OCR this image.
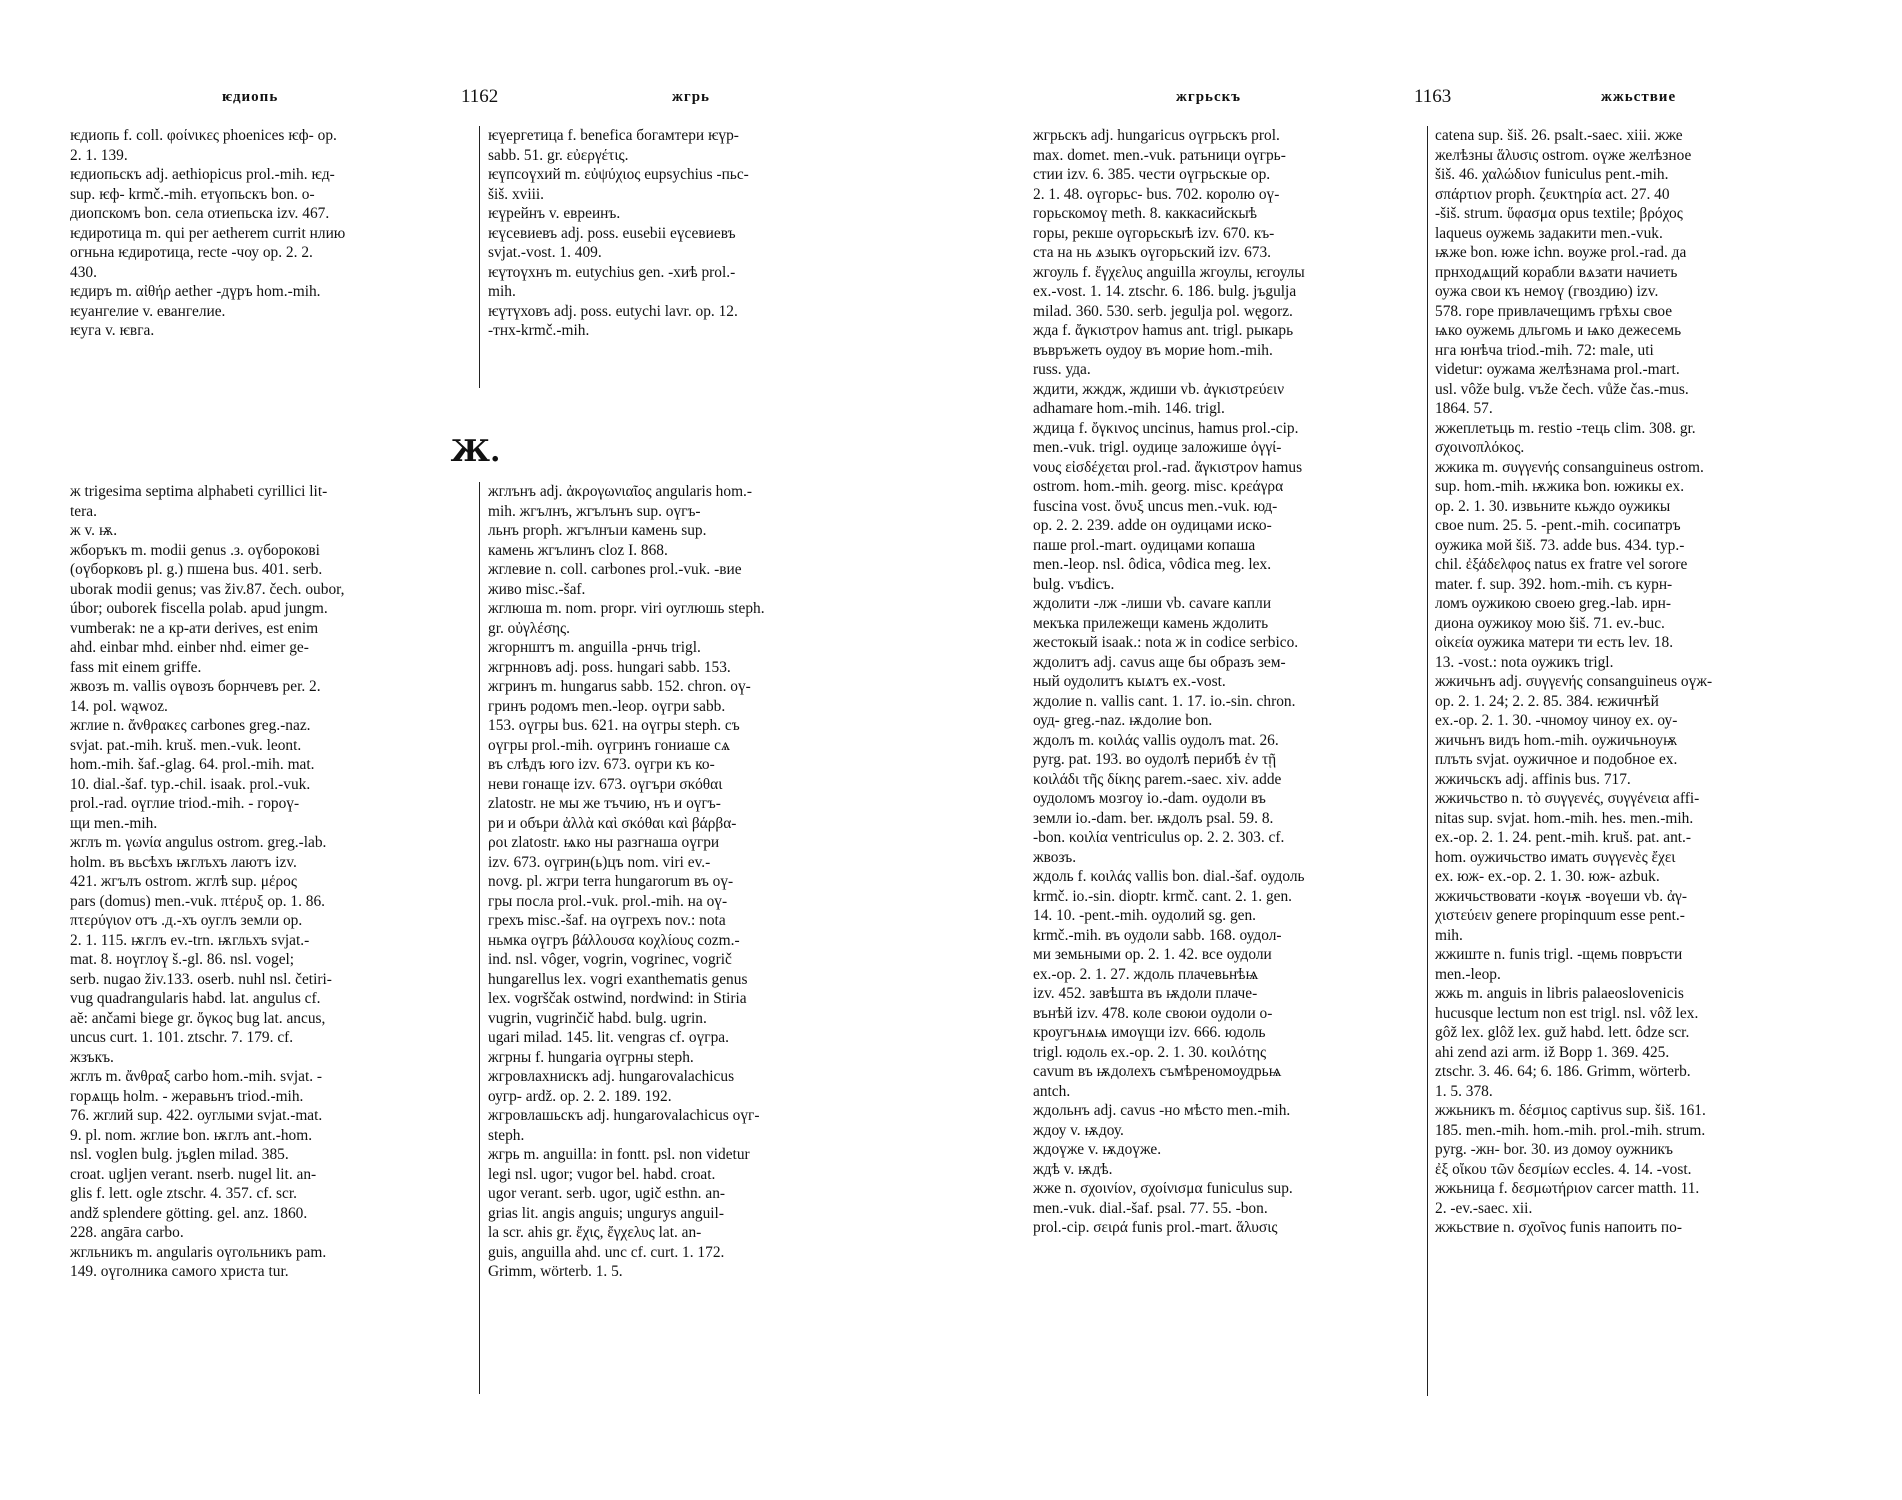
ѥдиопь	1162	жгрь

ѥдиопь f. coll. φοίνικες phoenices ѥф- op.

2. 1. 139.

ѥдиопьскъ adj. aethiopicus prol.-mih. ѥд-

sup. ѥф- krmč.-mih. етүопьскъ bon. о-

диопскомъ bon. села отиепьска izv. 467.

ѥдиротица m. qui per aetherem currit нлию

огньна ѥдиротица, recte -чоу op. 2. 2.

430.

ѥдиръ m. αἰθήρ aether -дүръ hom.-mih.

ѥуангелие v. евангелие.

ѥуга v. ѥвга.

ѥүергетица f. benefica богамтери ѥүр-

sabb. 51. gr. εὐεργέτις.

ѥүпсоүхий m. εὐψύχιος eupsychius -пьс-

šiš. xviii.

ѥүрейнъ v. евреинъ.

ѥүсевиевъ adj. poss. eusebii еүсевиевъ

svjat.-vost. 1. 409.

ѥүтоүхнъ m. eutychius gen. -хиѣ prol.-

mih.

ѥүтүховъ adj. poss. eutychi lavr. op. 12.

-тнх-krmč.-mih.

Ж.

ж trigesima septima alphabeti cyrillici lit-

tera.

ж v. ѭ.

жборъкъ m. modii genus .з. оүборокові

(оүборковъ pl. g.) пшена bus. 401. serb.

uborak modii genus; vas živ.87. čech. oubor,

úbor; ouborek fiscella polab. apud jungm.

vumberak: ne a кр-ати derives, est enim

ahd. einbar mhd. einber nhd. eimer ge-

fass mit einem griffe.

жвозъ m. vallis оүвозъ борнчевъ per. 2.

14. pol. wąwoz.

жглие n. ἄνθρακες carbones greg.-naz.

svjat. pat.-mih. kruš. men.-vuk. leont.

hom.-mih. šaf.-glag. 64. prol.-mih. mat.

10. dial.-šaf. typ.-chil. isaak. prol.-vuk.

prol.-rad. оүглие triod.-mih. - гороү-

щи men.-mih.

жглъ m. γωνία angulus ostrom. greg.-lab.

holm. въ вьсѣхъ ѭглъхъ лаютъ izv.

421. жгълъ ostrom. жглѣ sup. μέρος

pars (domus) men.-vuk. πτέρυξ op. 1. 86.

πτερύγιον отъ .д.-хъ оуглъ земли op.

2. 1. 115. ѭглъ ev.-trn. ѭгльхъ svjat.-

mat. 8. ноүглоү š.-gl. 86. nsl. vogel;

serb. nugao živ.133. oserb. nuhl nsl. četiri-

vug quadrangularis habd. lat. angulus cf.

aĕ: ančami biege gr. ὄγκος bug lat. ancus,

uncus curt. 1. 101. ztschr. 7. 179. cf.

жзъкъ.

жглъ m. ἄνθραξ carbo hom.-mih. svjat. -

горѧщь holm. - жеравьнъ triod.-mih.

76. жглий sup. 422. оуглыми svjat.-mat.

9. pl. nom. жглие bon. ѭглъ ant.-hom.

nsl. voglen bulg. jъglen milad. 385.

croat. ugljen verant. nserb. nugel lit. an-

glis f. lett. ogle ztschr. 4. 357. cf. scr.

andž splendere götting. gel. anz. 1860.

228. angāra carbo.

жгльникъ m. angularis оүгольникъ pam.

149. оүголника самого христа tur.

жглънъ adj. ἀκρογωνιαῖος angularis hom.-

mih. жгълнъ, жгълънъ sup. оүгъ-

льнъ proph. жгълнъıи камень sup.

камень жгълинъ cloz I. 868.

жглевие n. coll. carbones prol.-vuk. -вие

живо misc.-šaf.

жглюша m. nom. propr. viri оуглюшь steph.

gr. οὐγλέσης.

жгорнштъ m. anguilla -рнчь trigl.

жгрнновъ adj. poss. hungari sabb. 153.

жгринъ m. hungarus sabb. 152. chron. оү-

гринъ родомъ men.-leop. оүгри sabb.

153. оүгры bus. 621. на оүгры steph. съ

оүгры prol.-mih. оүгринъ гониаше сѧ

въ слѣдъ юго izv. 673. оүгри къ ко-

неви гонаще izv. 673. оүгъри σκόθαι

zlatostr. не мы же тъчию, нъ и оүгъ-

ри и объри ἀλλὰ καὶ σκόθαι καὶ βάρβα-

ροι zlatostr. ѩко ны разгнаша оүгри

izv. 673. оүгрин(ь)цъ nom. viri ev.-

novg. pl. жгри terra hungarorum въ оү-

гры посла prol.-vuk. prol.-mih. на оү-

грехъ misc.-šaf. на оүгрехъ nov.: nota

ньмка оүгръ βάλλουσα κοχλίους cozm.-

ind. nsl. vôger, vogrin, vogrinec, vogrič

hungarellus lex. vogri exanthematis genus

lex. vogrščak ostwind, nordwind: in Stiria

vugrin, vugrinčič habd. bulg. ugrin.

ugari milad. 145. lit. vengras cf. оүгра.

жгрны f. hungaria оүгрны steph.

жгровлахнискъ adj. hungarovalachicus

оугр- ardž. op. 2. 2. 189. 192.

жгровлашьскъ adj. hungarovalachicus оүг-

steph.

жгрь m. anguilla: in fontt. psl. non videtur

legi nsl. ugor; vugor bel. habd. croat.

ugor verant. serb. ugor, ugič esthn. an-

grias lit. angis anguis; ungurys anguil-

la scr. ahis gr. ἔχις, ἔγχελυς lat. an-

guis, anguilla ahd. unc cf. curt. 1. 172.

Grimm, wörterb. 1. 5.

жгрьскъ	1163	жжьствие

жгрьскъ adj. hungaricus оүгрьскъ prol.

max. domet. men.-vuk. ратьници оүгрь-

стии izv. 6. 385. чести оүгрьскые op.

2. 1. 48. оүгорьс- bus. 702. королю оү-

горьскомоү meth. 8. каккасийскыѣ

горы, рекше оүгорьскыѣ izv. 670. къ-

ста на нь ѧзыкъ оүгорьский izv. 673.

жгоуль f. ἔγχελυς anguilla жгоулы, ѥгоулы

ex.-vost. 1. 14. ztschr. 6. 186. bulg. jъgulja

milad. 360. 530. serb. jegulja pol. węgorz.

жда f. ἄγκιστρον hamus ant. trigl. рыкарь

въвръжеть оудоу въ морие hom.-mih.

russ. уда.

ждити, жждж, ждиши vb. ἀγκιστρεύειν

adhamare hom.-mih. 146. trigl.

ждица f. ὄγκινος uncinus, hamus prol.-cip.

men.-vuk. trigl. оудице заложише ὀγγί-

νους εἰσδέχεται prol.-rad. ἄγκιστρον hamus

ostrom. hom.-mih. georg. misc. κρεάγρα

fuscina vost. ὄνυξ uncus men.-vuk. юд-

op. 2. 2. 239. adde он оудицами иско-

паше prol.-mart. оудицами копаша

men.-leop. nsl. ôdica, vôdica meg. lex.

bulg. vъdicъ.

ждолити -лж -лиши vb. cavare капли

мекъка прилежещи камень ждолить

жестокый isaak.: nota ж in codice serbico.

ждолитъ adj. cavus аще бы образъ зем-

ный оудолитъ кыѧтъ ex.-vost.

ждолие n. vallis cant. 1. 17. io.-sin. chron.

оуд- greg.-naz. ѭдолие bon.

ждолъ m. κοιλάς vallis оудолъ mat. 26.

pyrg. pat. 193. во оудолѣ перибѣ ἐν τῇ

κοιλάδι τῆς δίκης parem.-saec. xiv. adde

оудоломъ мозгоу io.-dam. оудоли въ

земли io.-dam. ber. ѭдолъ psal. 59. 8.

-bon. κοιλία ventriculus op. 2. 2. 303. cf.

жвозъ.

ждоль f. κοιλάς vallis bon. dial.-šaf. оудоль

krmč. io.-sin. dioptr. krmč. cant. 2. 1. gen.

14. 10. -pent.-mih. оудолий sg. gen.

krmč.-mih. въ оудоли sabb. 168. оудол-

ми земьными op. 2. 1. 42. все оудоли

ex.-op. 2. 1. 27. ждоль плачевьнѣѩ

izv. 452. завѣшта въ ѭдоли плаче-

вънѣй izv. 478. коле своюи оудоли о-

кроугънѧѩ имоүщи izv. 666. юдоль

trigl. юдоль ex.-op. 2. 1. 30. κοιλότης

cavum въ ѭдолехъ съмѣреномоудрьѩ

antch.

ждольнъ adj. cavus -но мѣсто men.-mih.

ждоу v. ѭдоу.

ждоүже v. ѭдоүже.

ждѣ v. ѭдѣ.

жже n. σχοινίον, σχοίνισμα funiculus sup.

men.-vuk. dial.-šaf. psal. 77. 55. -bon.

prol.-cip. σειρά funis prol.-mart. ἅλυσις

catena sup. šiš. 26. psalt.-saec. xiii. жже

желѣзны ἅλυσις ostrom. оүже желѣзное

šiš. 46. χαλώδιον funiculus pent.-mih.

σπάρτιον proph. ζευκτηρία act. 27. 40

-šiš. strum. ὕφασμα opus textile; βρόχος

laqueus оужемь задакити men.-vuk.

ѭже bon. юже ichn. воуже prol.-rad. да

прнходѧщий корабли вѧзати начиеть

оужа свои къ немоү (гвоздию) izv.

578. горе привлачещимъ грѣхы свое

ѩко оужемь дльгомь и ѩко дежесемь

нга юнѣча triod.-mih. 72: male, uti

videtur: оужама желѣзнама prol.-mart.

usl. vôže bulg. vъže čech. vůže čas.-mus.

1864. 57.

жжеплетьць m. restio -тець clim. 308. gr.

σχοινοπλόκος.

жжика m. συγγενής consanguineus ostrom.

sup. hom.-mih. ѭжика bon. южикы ex.

op. 2. 1. 30. извьните кьждо оужикы

свое num. 25. 5. -pent.-mih. сосипатръ

оужика мой šiš. 73. adde bus. 434. typ.-

chil. ἐξάδελφος natus ex fratre vel sorore

mater. f. sup. 392. hom.-mih. съ курн-

ломъ оужикою своею greg.-lab. ирн-

диона оужикоу мою šiš. 71. ev.-buc.

οἰκεία оужика матери ти есть lev. 18.

13. -vost.: nota оужикъ trigl.

жжичьнъ adj. συγγενής consanguineus оүж-

op. 2. 1. 24; 2. 2. 85. 384. ѥжичнѣй

ex.-op. 2. 1. 30. -чномоу чиноу ex. оу-

жичьнъ видъ hom.-mih. оужичьноуѭ

плъть svjat. оужичное и подобное ex.

жжичьскъ adj. affinis bus. 717.

жжичьство n. τὸ συγγενές, συγγένεια affi-

nitas sup. svjat. hom.-mih. hes. men.-mih.

ex.-op. 2. 1. 24. pent.-mih. kruš. pat. ant.-

hom. оужичьство имать συγγενὲς ἔχει

ex. юж- ex.-op. 2. 1. 30. юж- azbuk.

жжичьствовати -коүѭ -воүеши vb. ἀγ-

χιστεύειν genere propinquum esse pent.-

mih.

жжиште n. funis trigl. -щемь повръсти

men.-leop.

жжь m. anguis in libris palaeoslovenicis

hucusque lectum non est trigl. nsl. vôž lex.

gôž lex. glôž lex. guž habd. lett. ôdze scr.

ahi zend azi arm. iž Bopp 1. 369. 425.

ztschr. 3. 46. 64; 6. 186. Grimm, wörterb.

1. 5. 378.

жжьникъ m. δέσμιος captivus sup. šiš. 161.

185. men.-mih. hom.-mih. prol.-mih. strum.

pyrg. -жн- bor. 30. из домоу оужникъ

ἐξ οἴκου τῶν δεσμίων eccles. 4. 14. -vost.

жжьница f. δεσμωτήριον carcer matth. 11.

2. -ev.-saec. xii.

жжьствие n. σχοῖνος funis напоить по-
